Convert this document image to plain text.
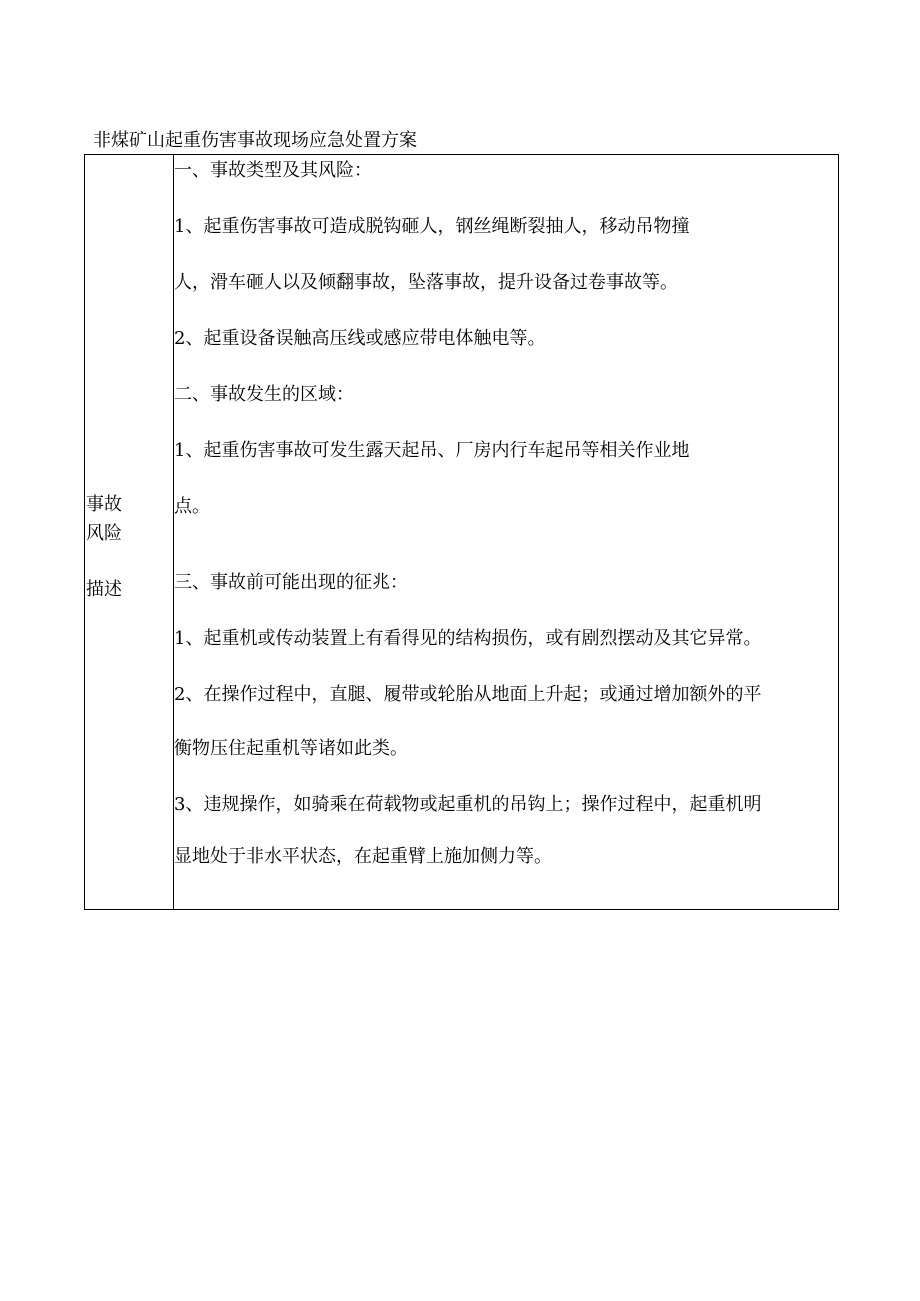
非煤矿山起重伤害事故现场应急处置方案
事故
风险
描述
一、事故类型及其风险：
1、起重伤害事故可造成脱钩砸人，钢丝绳断裂抽人，移动吊物撞
人，滑车砸人以及倾翻事故，坠落事故，提升设备过卷事故等。
2、起重设备误触高压线或感应带电体触电等。
二、事故发生的区域：
1、起重伤害事故可发生露天起吊、厂房内行车起吊等相关作业地
点。
三、事故前可能出现的征兆：
1、起重机或传动装置上有看得见的结构损伤，或有剧烈摆动及其它异常。
2、在操作过程中，直腿、履带或轮胎从地面上升起；或通过增加额外的平
衡物压住起重机等诸如此类。
3、违规操作，如骑乘在荷载物或起重机的吊钩上；操作过程中，起重机明
显地处于非水平状态，在起重臂上施加侧力等。
